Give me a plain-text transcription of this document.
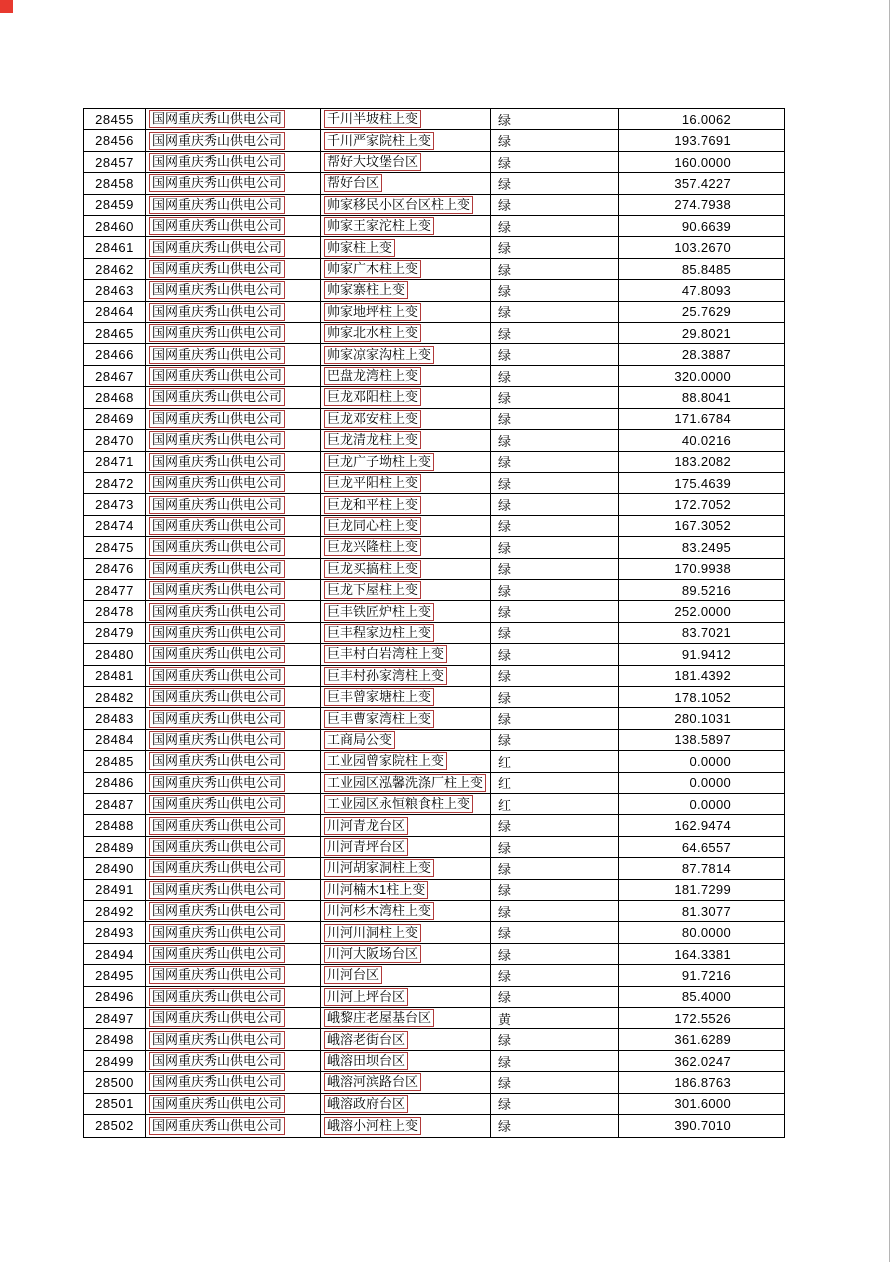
28455	国网重庆秀山供电公司	千川半坡柱上变	绿	16.0062
28456	国网重庆秀山供电公司	千川严家院柱上变	绿	193.7691
28457	国网重庆秀山供电公司	帮好大坟堡台区	绿	160.0000
28458	国网重庆秀山供电公司	帮好台区	绿	357.4227
28459	国网重庆秀山供电公司	帅家移民小区台区柱上变	绿	274.7938
28460	国网重庆秀山供电公司	帅家王家沱柱上变	绿	90.6639
28461	国网重庆秀山供电公司	帅家柱上变	绿	103.2670
28462	国网重庆秀山供电公司	帅家广木柱上变	绿	85.8485
28463	国网重庆秀山供电公司	帅家寨柱上变	绿	47.8093
28464	国网重庆秀山供电公司	帅家地坪柱上变	绿	25.7629
28465	国网重庆秀山供电公司	帅家北水柱上变	绿	29.8021
28466	国网重庆秀山供电公司	帅家凉家沟柱上变	绿	28.3887
28467	国网重庆秀山供电公司	巴盘龙湾柱上变	绿	320.0000
28468	国网重庆秀山供电公司	巨龙邓阳柱上变	绿	88.8041
28469	国网重庆秀山供电公司	巨龙邓安柱上变	绿	171.6784
28470	国网重庆秀山供电公司	巨龙清龙柱上变	绿	40.0216
28471	国网重庆秀山供电公司	巨龙广子坳柱上变	绿	183.2082
28472	国网重庆秀山供电公司	巨龙平阳柱上变	绿	175.4639
28473	国网重庆秀山供电公司	巨龙和平柱上变	绿	172.7052
28474	国网重庆秀山供电公司	巨龙同心柱上变	绿	167.3052
28475	国网重庆秀山供电公司	巨龙兴隆柱上变	绿	83.2495
28476	国网重庆秀山供电公司	巨龙买搞柱上变	绿	170.9938
28477	国网重庆秀山供电公司	巨龙下屋柱上变	绿	89.5216
28478	国网重庆秀山供电公司	巨丰铁匠炉柱上变	绿	252.0000
28479	国网重庆秀山供电公司	巨丰程家边柱上变	绿	83.7021
28480	国网重庆秀山供电公司	巨丰村白岩湾柱上变	绿	91.9412
28481	国网重庆秀山供电公司	巨丰村孙家湾柱上变	绿	181.4392
28482	国网重庆秀山供电公司	巨丰曾家塘柱上变	绿	178.1052
28483	国网重庆秀山供电公司	巨丰曹家湾柱上变	绿	280.1031
28484	国网重庆秀山供电公司	工商局公变	绿	138.5897
28485	国网重庆秀山供电公司	工业园曾家院柱上变	红	0.0000
28486	国网重庆秀山供电公司	工业园区泓馨洗涤厂柱上变	红	0.0000
28487	国网重庆秀山供电公司	工业园区永恒粮食柱上变	红	0.0000
28488	国网重庆秀山供电公司	川河青龙台区	绿	162.9474
28489	国网重庆秀山供电公司	川河青坪台区	绿	64.6557
28490	国网重庆秀山供电公司	川河胡家洞柱上变	绿	87.7814
28491	国网重庆秀山供电公司	川河楠木1柱上变	绿	181.7299
28492	国网重庆秀山供电公司	川河杉木湾柱上变	绿	81.3077
28493	国网重庆秀山供电公司	川河川洞柱上变	绿	80.0000
28494	国网重庆秀山供电公司	川河大阪场台区	绿	164.3381
28495	国网重庆秀山供电公司	川河台区	绿	91.7216
28496	国网重庆秀山供电公司	川河上坪台区	绿	85.4000
28497	国网重庆秀山供电公司	峨黎庄老屋基台区	黄	172.5526
28498	国网重庆秀山供电公司	峨溶老街台区	绿	361.6289
28499	国网重庆秀山供电公司	峨溶田坝台区	绿	362.0247
28500	国网重庆秀山供电公司	峨溶河滨路台区	绿	186.8763
28501	国网重庆秀山供电公司	峨溶政府台区	绿	301.6000
28502	国网重庆秀山供电公司	峨溶小河柱上变	绿	390.7010
